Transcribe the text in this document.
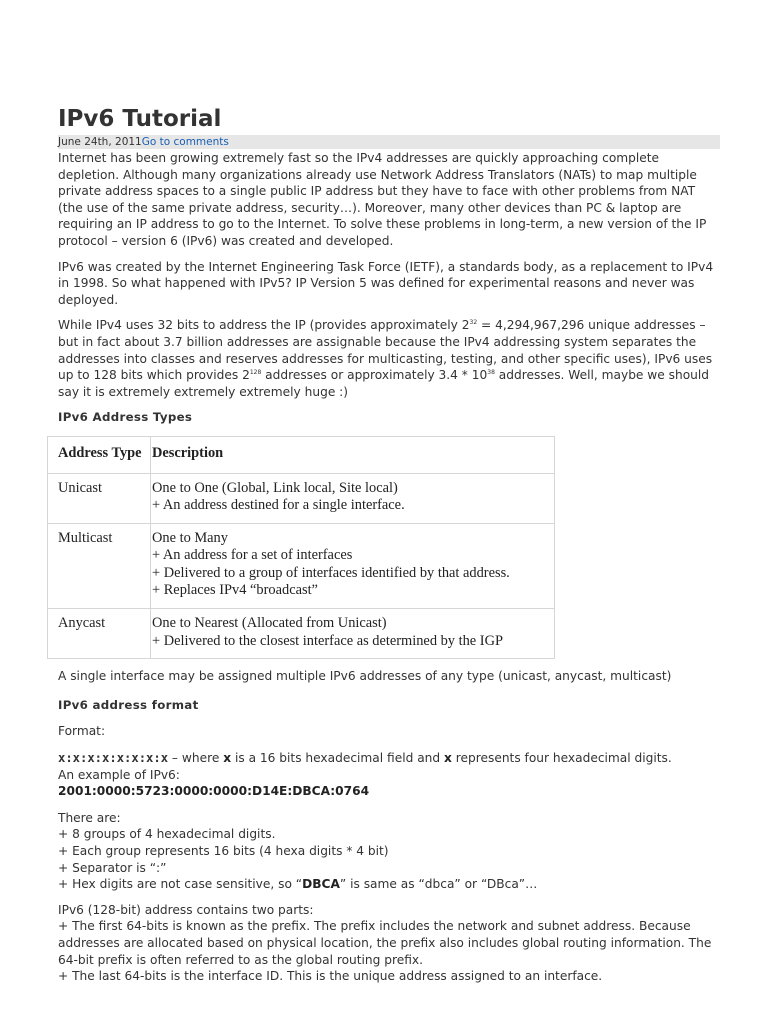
IPv6 Tutorial
June 24th, 2011Go to comments

Internet has been growing extremely fast so the IPv4 addresses are quickly approaching complete depletion. Although many organizations already use Network Address Translators (NATs) to map multiple private address spaces to a single public IP address but they have to face with other problems from NAT (the use of the same private address, security…). Moreover, many other devices than PC & laptop are requiring an IP address to go to the Internet. To solve these problems in long-term, a new version of the IP protocol – version 6 (IPv6) was created and developed.

IPv6 was created by the Internet Engineering Task Force (IETF), a standards body, as a replacement to IPv4 in 1998. So what happened with IPv5? IP Version 5 was defined for experimental reasons and never was deployed.

While IPv4 uses 32 bits to address the IP (provides approximately $2^{32} = 4,294,967,296$ unique addresses – but in fact about 3.7 billion addresses are assignable because the IPv4 addressing system separates the addresses into classes and reserves addresses for multicasting, testing, and other specific uses), IPv6 uses up to 128 bits which provides $2^{128}$ addresses or approximately $3.4 * 10^{38}$ addresses. Well, maybe we should say it is extremely extremely extremely huge :)

IPv6 Address Types
Address Type	Description
Unicast	One to One (Global, Link local, Site local)
+ An address destined for a single interface.

Multicast	One to Many
+ An address for a set of interfaces
+ Delivered to a group of interfaces identified by that address.
+ Replaces IPv4 “broadcast”

Anycast	One to Nearest (Allocated from Unicast)
+ Delivered to the closest interface as determined by the IGP

A single interface may be assigned multiple IPv6 addresses of any type (unicast, anycast, multicast)

IPv6 address format

Format:

x:x:x:x:x:x:x:x – where x is a 16 bits hexadecimal field and x represents four hexadecimal digits.
An example of IPv6:
2001:0000:5723:0000:0000:D14E:DBCA:0764

There are:
+ 8 groups of 4 hexadecimal digits.
+ Each group represents 16 bits (4 hexa digits * 4 bit)
+ Separator is “:”
+ Hex digits are not case sensitive, so “DBCA” is same as “dbca” or “DBca”…

IPv6 (128-bit) address contains two parts:
+ The first 64-bits is known as the prefix. The prefix includes the network and subnet address. Because addresses are allocated based on physical location, the prefix also includes global routing information. The 64-bit prefix is often referred to as the global routing prefix.
+ The last 64-bits is the interface ID. This is the unique address assigned to an interface.
